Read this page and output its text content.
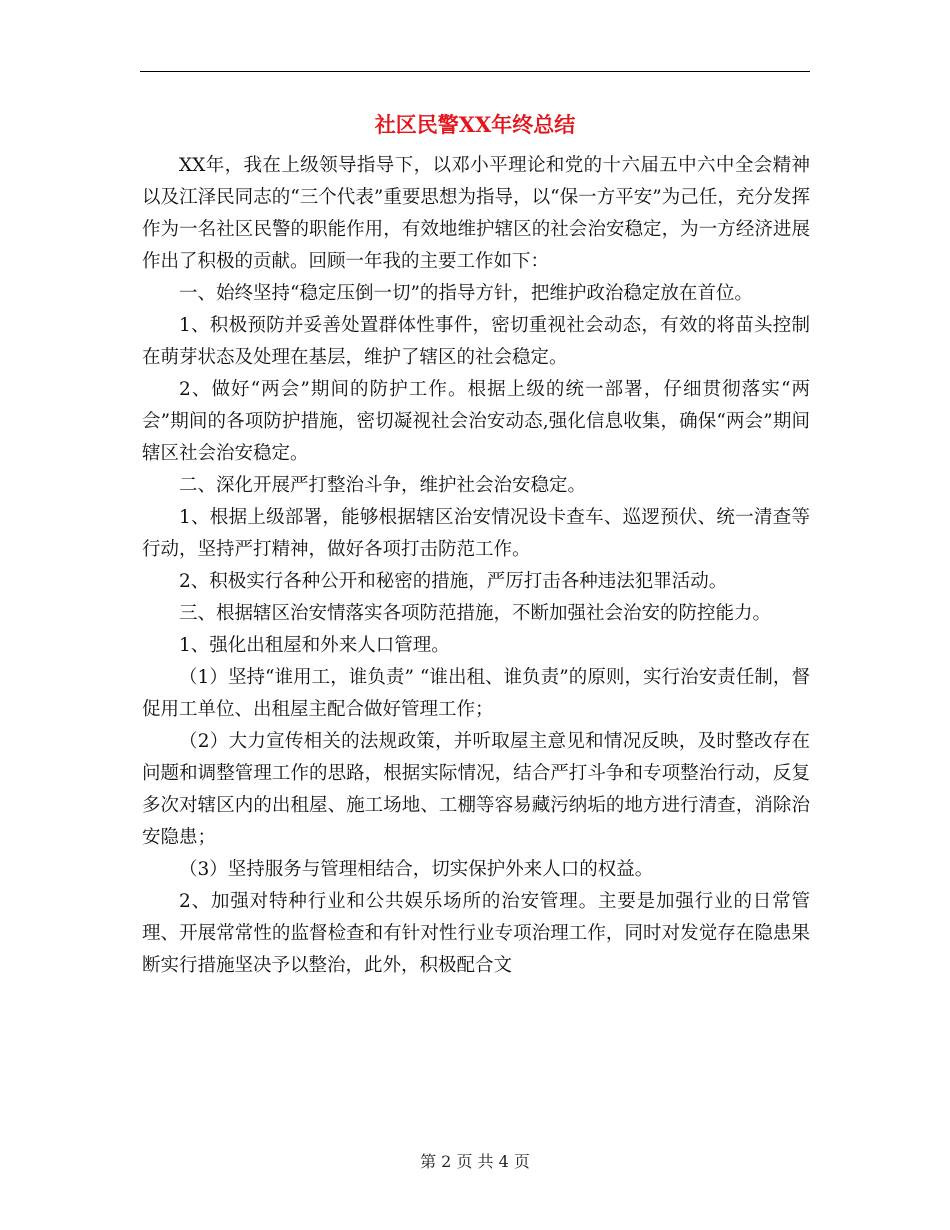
社区民警XX年终总结

XX年，我在上级领导指导下，以邓小平理论和党的十六届五中六中全会精神以及江泽民同志的“三个代表”重要思想为指导，以“保一方平安”为己任，充分发挥作为一名社区民警的职能作用，有效地维护辖区的社会治安稳定，为一方经济进展作出了积极的贡献。回顾一年我的主要工作如下：

一、始终坚持“稳定压倒一切”的指导方针，把维护政治稳定放在首位。

1、积极预防并妥善处置群体性事件，密切重视社会动态，有效的将苗头控制在萌芽状态及处理在基层，维护了辖区的社会稳定。

2、做好“两会”期间的防护工作。根据上级的统一部署，仔细贯彻落实“两会”期间的各项防护措施，密切凝视社会治安动态,强化信息收集，确保“两会”期间辖区社会治安稳定。

二、深化开展严打整治斗争，维护社会治安稳定。

1、根据上级部署，能够根据辖区治安情况设卡查车、巡逻预伏、统一清查等行动，坚持严打精神，做好各项打击防范工作。

2、积极实行各种公开和秘密的措施，严厉打击各种违法犯罪活动。

三、根据辖区治安情落实各项防范措施，不断加强社会治安的防控能力。

1、强化出租屋和外来人口管理。

（1）坚持“谁用工，谁负责” “谁出租、谁负责”的原则，实行治安责任制，督促用工单位、出租屋主配合做好管理工作；

（2）大力宣传相关的法规政策，并听取屋主意见和情况反映，及时整改存在问题和调整管理工作的思路，根据实际情况，结合严打斗争和专项整治行动，反复多次对辖区内的出租屋、施工场地、工棚等容易藏污纳垢的地方进行清查，消除治安隐患；

（3）坚持服务与管理相结合，切实保护外来人口的权益。

2、加强对特种行业和公共娱乐场所的治安管理。主要是加强行业的日常管理、开展常常性的监督检查和有针对性行业专项治理工作，同时对发觉存在隐患果断实行措施坚决予以整治，此外，积极配合文

第 2 页 共 4 页
